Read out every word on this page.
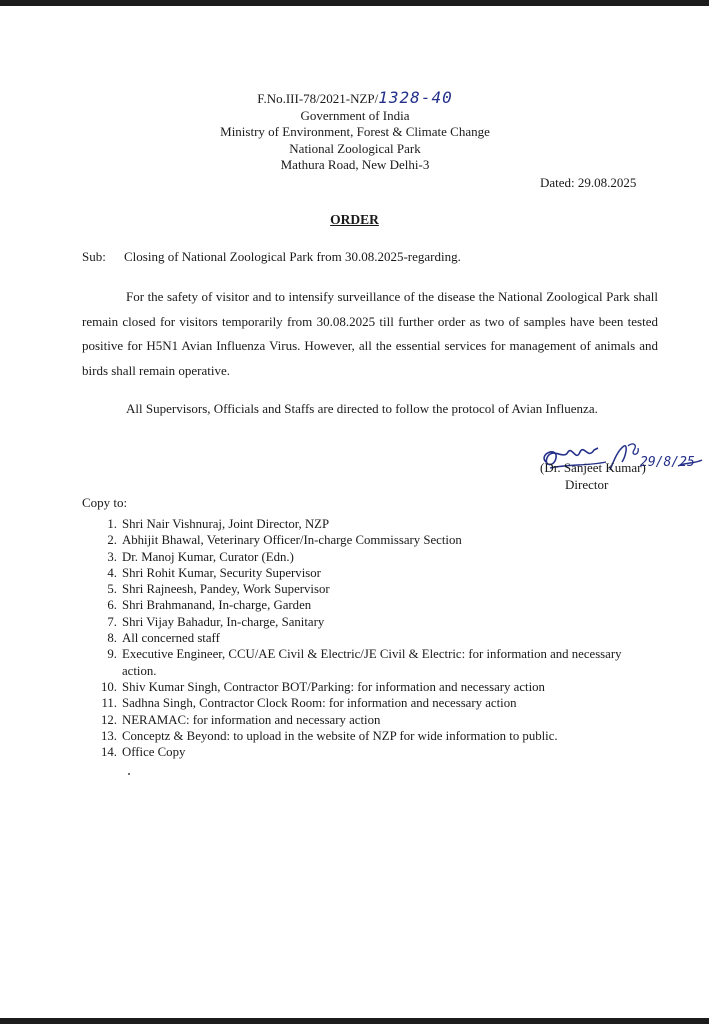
F.No.III-78/2021-NZP/1328-40
Government of India
Ministry of Environment, Forest & Climate Change
National Zoological Park
Mathura Road, New Delhi-3
Dated: 29.08.2025
ORDER
Sub: Closing of National Zoological Park from 30.08.2025-regarding.
For the safety of visitor and to intensify surveillance of the disease the National Zoological Park shall remain closed for visitors temporarily from 30.08.2025 till further order as two of samples have been tested positive for H5N1 Avian Influenza Virus. However, all the essential services for management of animals and birds shall remain operative.
All Supervisors, Officials and Staffs are directed to follow the protocol of Avian Influenza.
29/8/25
(Dr. Sanjeet Kumar)
Director
Copy to:
1. Shri Nair Vishnuraj, Joint Director, NZP
2. Abhijit Bhawal, Veterinary Officer/In-charge Commissary Section
3. Dr. Manoj Kumar, Curator (Edn.)
4. Shri Rohit Kumar, Security Supervisor
5. Shri Rajneesh, Pandey, Work Supervisor
6. Shri Brahmanand, In-charge, Garden
7. Shri Vijay Bahadur, In-charge, Sanitary
8. All concerned staff
9. Executive Engineer, CCU/AE Civil & Electric/JE Civil & Electric: for information and necessary action.
10. Shiv Kumar Singh, Contractor BOT/Parking: for information and necessary action
11. Sadhna Singh, Contractor Clock Room: for information and necessary action
12. NERAMAC: for information and necessary action
13. Conceptz & Beyond: to upload in the website of NZP for wide information to public.
14. Office Copy
